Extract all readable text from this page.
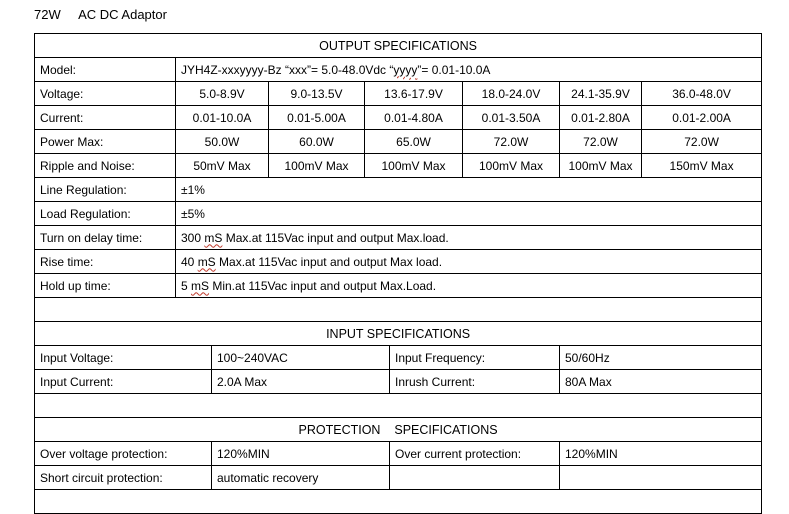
72W     AC DC Adaptor
OUTPUT SPECIFICATIONS								
Model:	JYH4Z-xxxyyyy-Bz “xxx”= 5.0-48.0Vdc “yyyy”= 0.01-10.0A							
Voltage:	5.0-8.9V		9.0-13.5V	13.6-17.9V		18.0-24.0V	24.1-35.9V	36.0-48.0V
Current:	0.01-10.0A		0.01-5.00A	0.01-4.80A		0.01-3.50A	0.01-2.80A	0.01-2.00A
Power Max:	50.0W		60.0W	65.0W		72.0W	72.0W	72.0W
Ripple and Noise:	50mV Max		100mV Max	100mV Max		100mV Max	100mV Max	150mV Max
Line Regulation:	±1%							
Load Regulation:	±5%							
Turn on delay time:	300 mS Max.at 115Vac input and output Max.load.							
Rise time:	40 mS Max.at 115Vac input and output Max load.							
Hold up time:	5 mS Min.at 115Vac input and output Max.Load.							

INPUT SPECIFICATIONS								
Input Voltage:		100~240VAC			Input Frequency:		50/60Hz	
Input Current:		2.0A Max			Inrush Current:		80A Max	

PROTECTION    SPECIFICATIONS								
Over voltage protection:		120%MIN			Over current protection:		120%MIN	
Short circuit protection:		automatic recovery						
